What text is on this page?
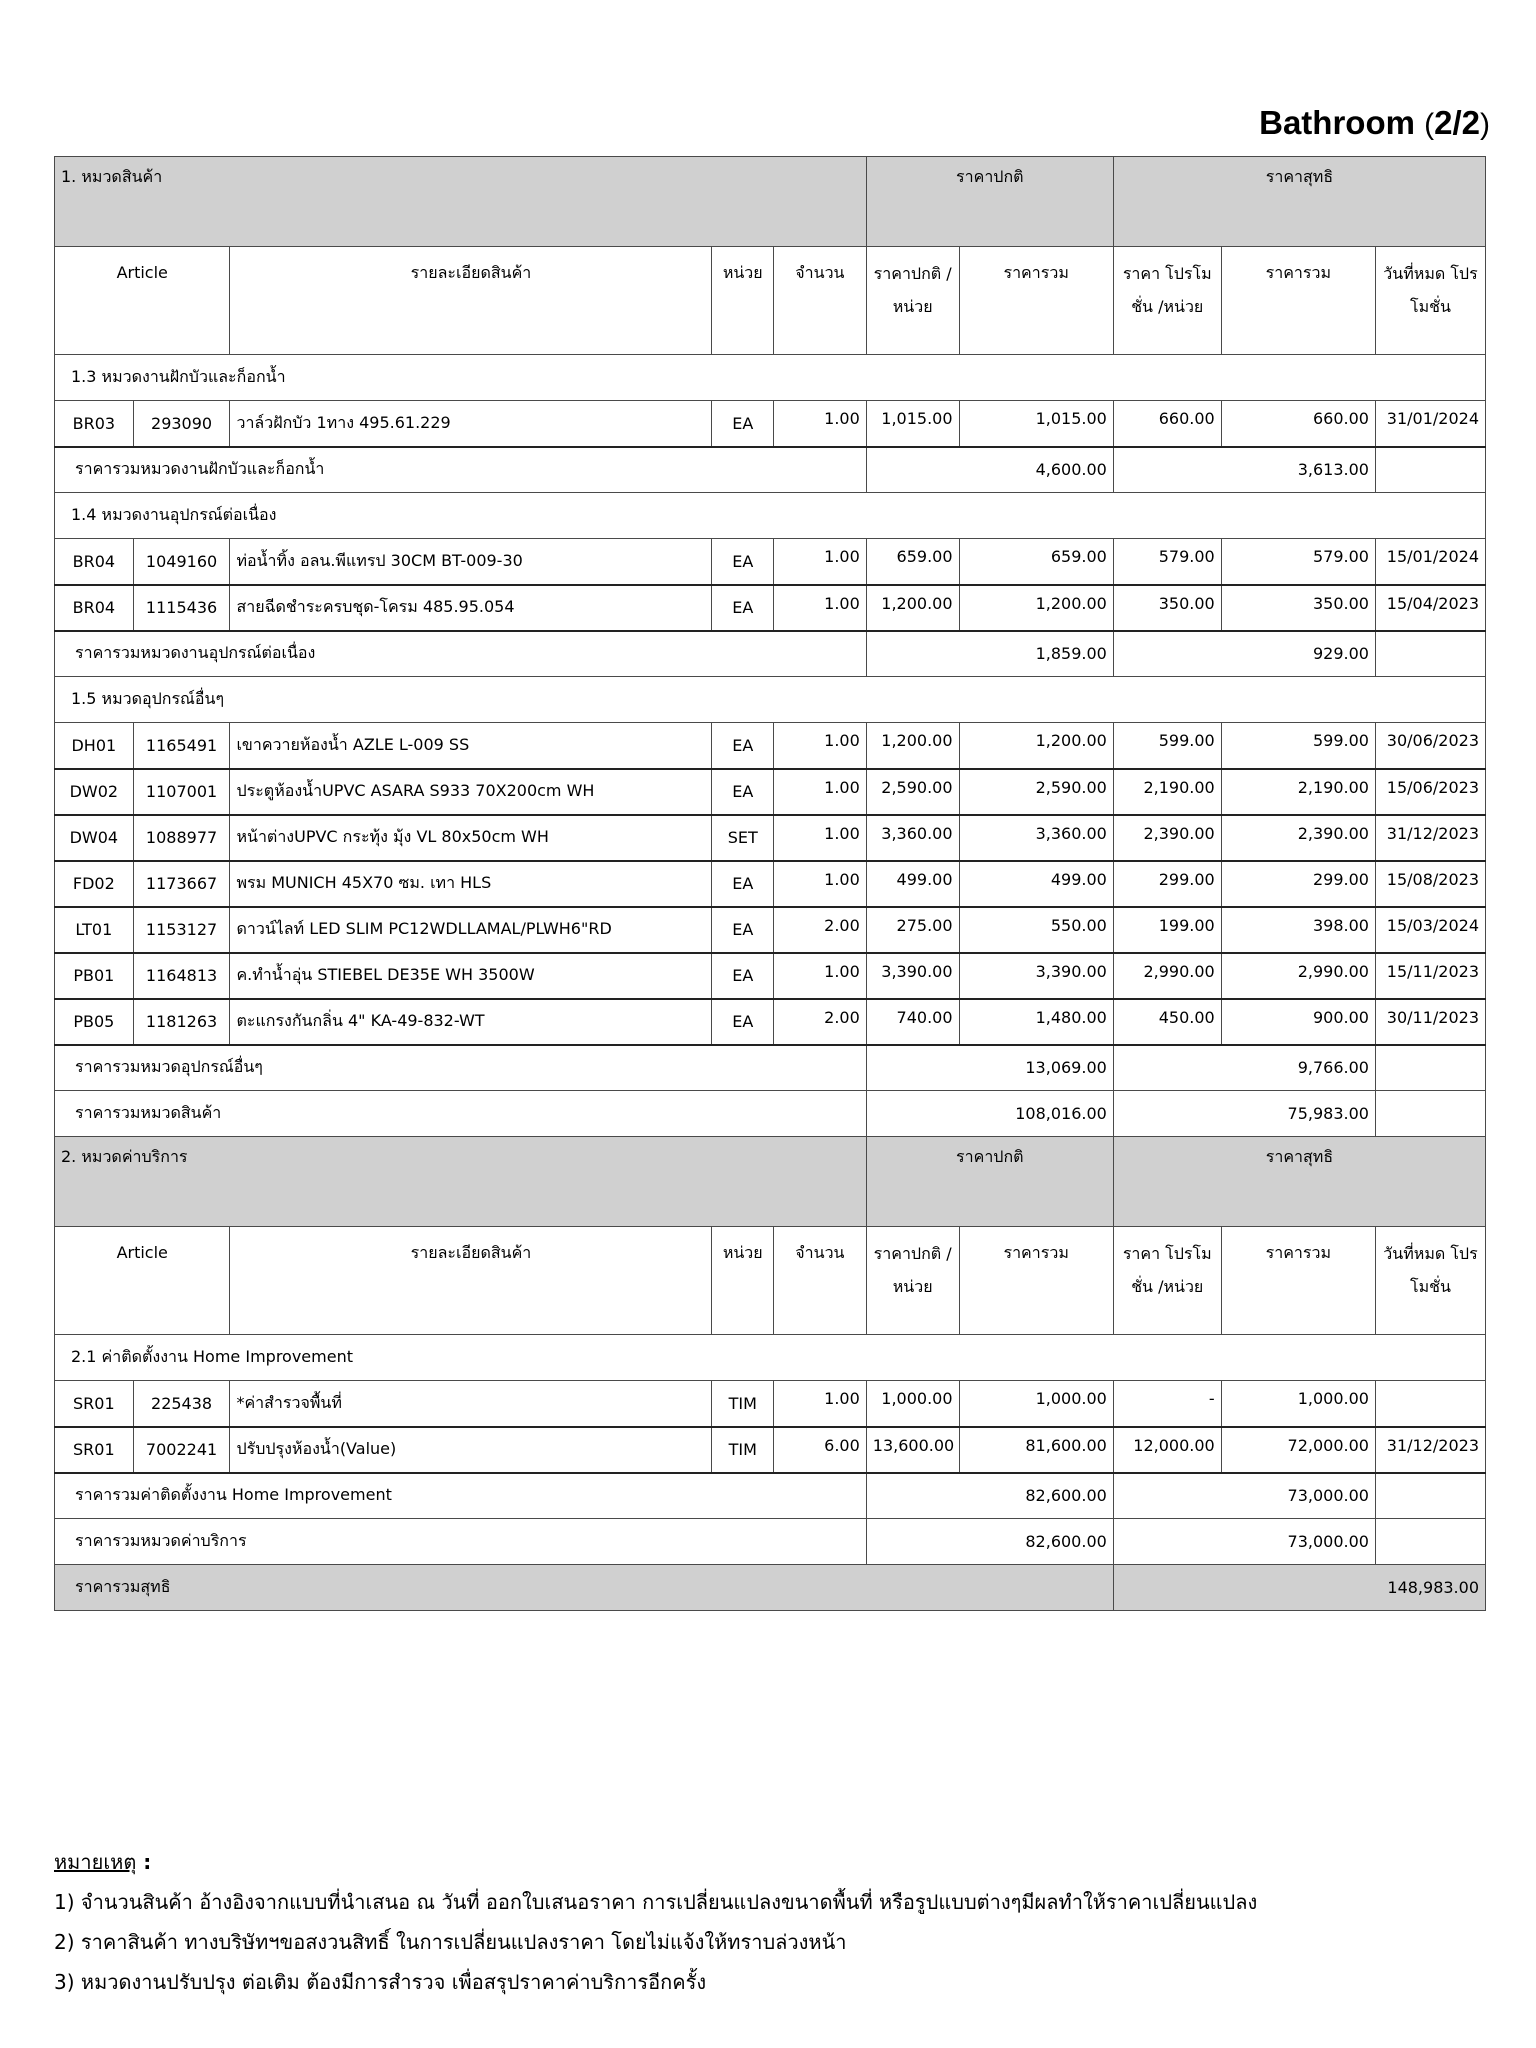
Bathroom (2/2)
1. หมวดสินค้า					ราคาปกติ		ราคาสุทธิ		
Article		รายละเอียดสินค้า	หน่วย	จำนวน	ราคาปกติ /หน่วย	ราคารวม	ราคา โปรโมชั่น /หน่วย	ราคารวม	วันที่หมด โปรโมชั่น
1.3 หมวดงานฝักบัวและก็อกน้ำ									
BR03	293090	วาล์วฝักบัว 1ทาง 495.61.229	EA	1.00	1,015.00	1,015.00	660.00	660.00	31/01/2024
ราคารวมหมวดงานฝักบัวและก็อกน้ำ					4,600.00		3,613.00		
1.4 หมวดงานอุปกรณ์ต่อเนื่อง									
BR04	1049160	ท่อน้ำทิ้ง อลน.พีแทรป 30CM BT-009-30	EA	1.00	659.00	659.00	579.00	579.00	15/01/2024
BR04	1115436	สายฉีดชำระครบชุด-โครม 485.95.054	EA	1.00	1,200.00	1,200.00	350.00	350.00	15/04/2023
ราคารวมหมวดงานอุปกรณ์ต่อเนื่อง					1,859.00		929.00		
1.5 หมวดอุปกรณ์อื่นๆ									
DH01	1165491	เขาควายห้องน้ำ AZLE L-009 SS	EA	1.00	1,200.00	1,200.00	599.00	599.00	30/06/2023
DW02	1107001	ประตูห้องน้ำUPVC ASARA S933 70X200cm WH	EA	1.00	2,590.00	2,590.00	2,190.00	2,190.00	15/06/2023
DW04	1088977	หน้าต่างUPVC กระทุ้ง มุ้ง VL 80x50cm WH	SET	1.00	3,360.00	3,360.00	2,390.00	2,390.00	31/12/2023
FD02	1173667	พรม MUNICH 45X70 ซม. เทา HLS	EA	1.00	499.00	499.00	299.00	299.00	15/08/2023
LT01	1153127	ดาวน์ไลท์ LED SLIM PC12WDLLAMAL/PLWH6"RD	EA	2.00	275.00	550.00	199.00	398.00	15/03/2024
PB01	1164813	ค.ทำน้ำอุ่น STIEBEL DE35E WH 3500W	EA	1.00	3,390.00	3,390.00	2,990.00	2,990.00	15/11/2023
PB05	1181263	ตะแกรงกันกลิ่น 4" KA-49-832-WT	EA	2.00	740.00	1,480.00	450.00	900.00	30/11/2023
ราคารวมหมวดอุปกรณ์อื่นๆ					13,069.00		9,766.00		
ราคารวมหมวดสินค้า					108,016.00		75,983.00		
2. หมวดค่าบริการ					ราคาปกติ		ราคาสุทธิ		
Article		รายละเอียดสินค้า	หน่วย	จำนวน	ราคาปกติ /หน่วย	ราคารวม	ราคา โปรโมชั่น /หน่วย	ราคารวม	วันที่หมด โปรโมชั่น
2.1 ค่าติดตั้งงาน Home Improvement									
SR01	225438	*ค่าสำรวจพื้นที่	TIM	1.00	1,000.00	1,000.00	-	1,000.00	
SR01	7002241	ปรับปรุงห้องน้ำ(Value)	TIM	6.00	13,600.00	81,600.00	12,000.00	72,000.00	31/12/2023
ราคารวมค่าติดตั้งงาน Home Improvement					82,600.00		73,000.00		
ราคารวมหมวดค่าบริการ					82,600.00		73,000.00		
ราคารวมสุทธิ							148,983.00		
หมายเหตุ :
1) จำนวนสินค้า อ้างอิงจากแบบที่นำเสนอ ณ วันที่ ออกใบเสนอราคา การเปลี่ยนแปลงขนาดพื้นที่ หรือรูปแบบต่างๆมีผลทำให้ราคาเปลี่ยนแปลง
2) ราคาสินค้า ทางบริษัทฯขอสงวนสิทธิ์ ในการเปลี่ยนแปลงราคา โดยไม่แจ้งให้ทราบล่วงหน้า
3) หมวดงานปรับปรุง ต่อเติม ต้องมีการสำรวจ เพื่อสรุปราคาค่าบริการอีกครั้ง
